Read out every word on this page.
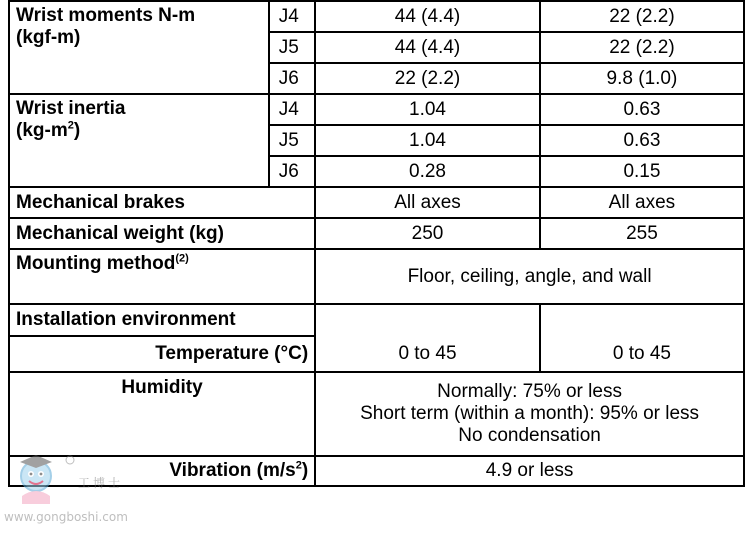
Wrist moments N-m
(kgf-m)	J4	44 (4.4)	22 (2.2)
	J5	44 (4.4)	22 (2.2)
	J6	22 (2.2)	9.8 (1.0)
Wrist inertia
$(kg-m^2)$	J4	1.04	0.63
	J5	1.04	0.63
	J6	0.28	0.15
Mechanical brakes		All axes	All axes
Mechanical weight (kg)		250	255
Mounting method$^{(2)}$		Floor, ceiling, angle, and wall	
Installation environment			
Temperature (°C)		0 to 45	0 to 45
Humidity		Normally: 75% or less
Short term (within a month): 95% or less
No condensation	
Vibration $(m/s^2)$		4.9 or less	
工博士
www.gongboshi.com
